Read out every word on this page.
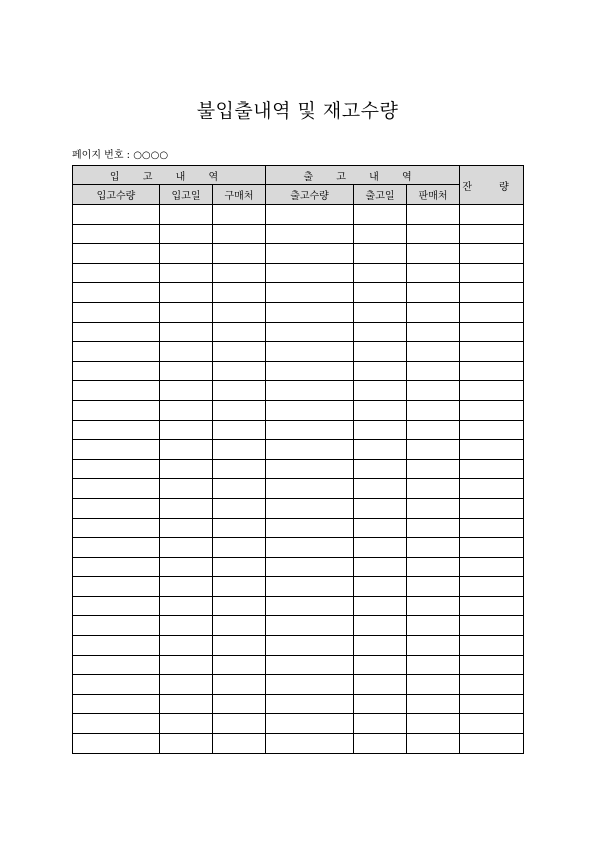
불입출내역 및 재고수량
페이지 번호 : ○○○○
입 고 내 역			출 고 내 역			잔 량
입고수량	입고일	구매처	출고수량	출고일	판매처	
